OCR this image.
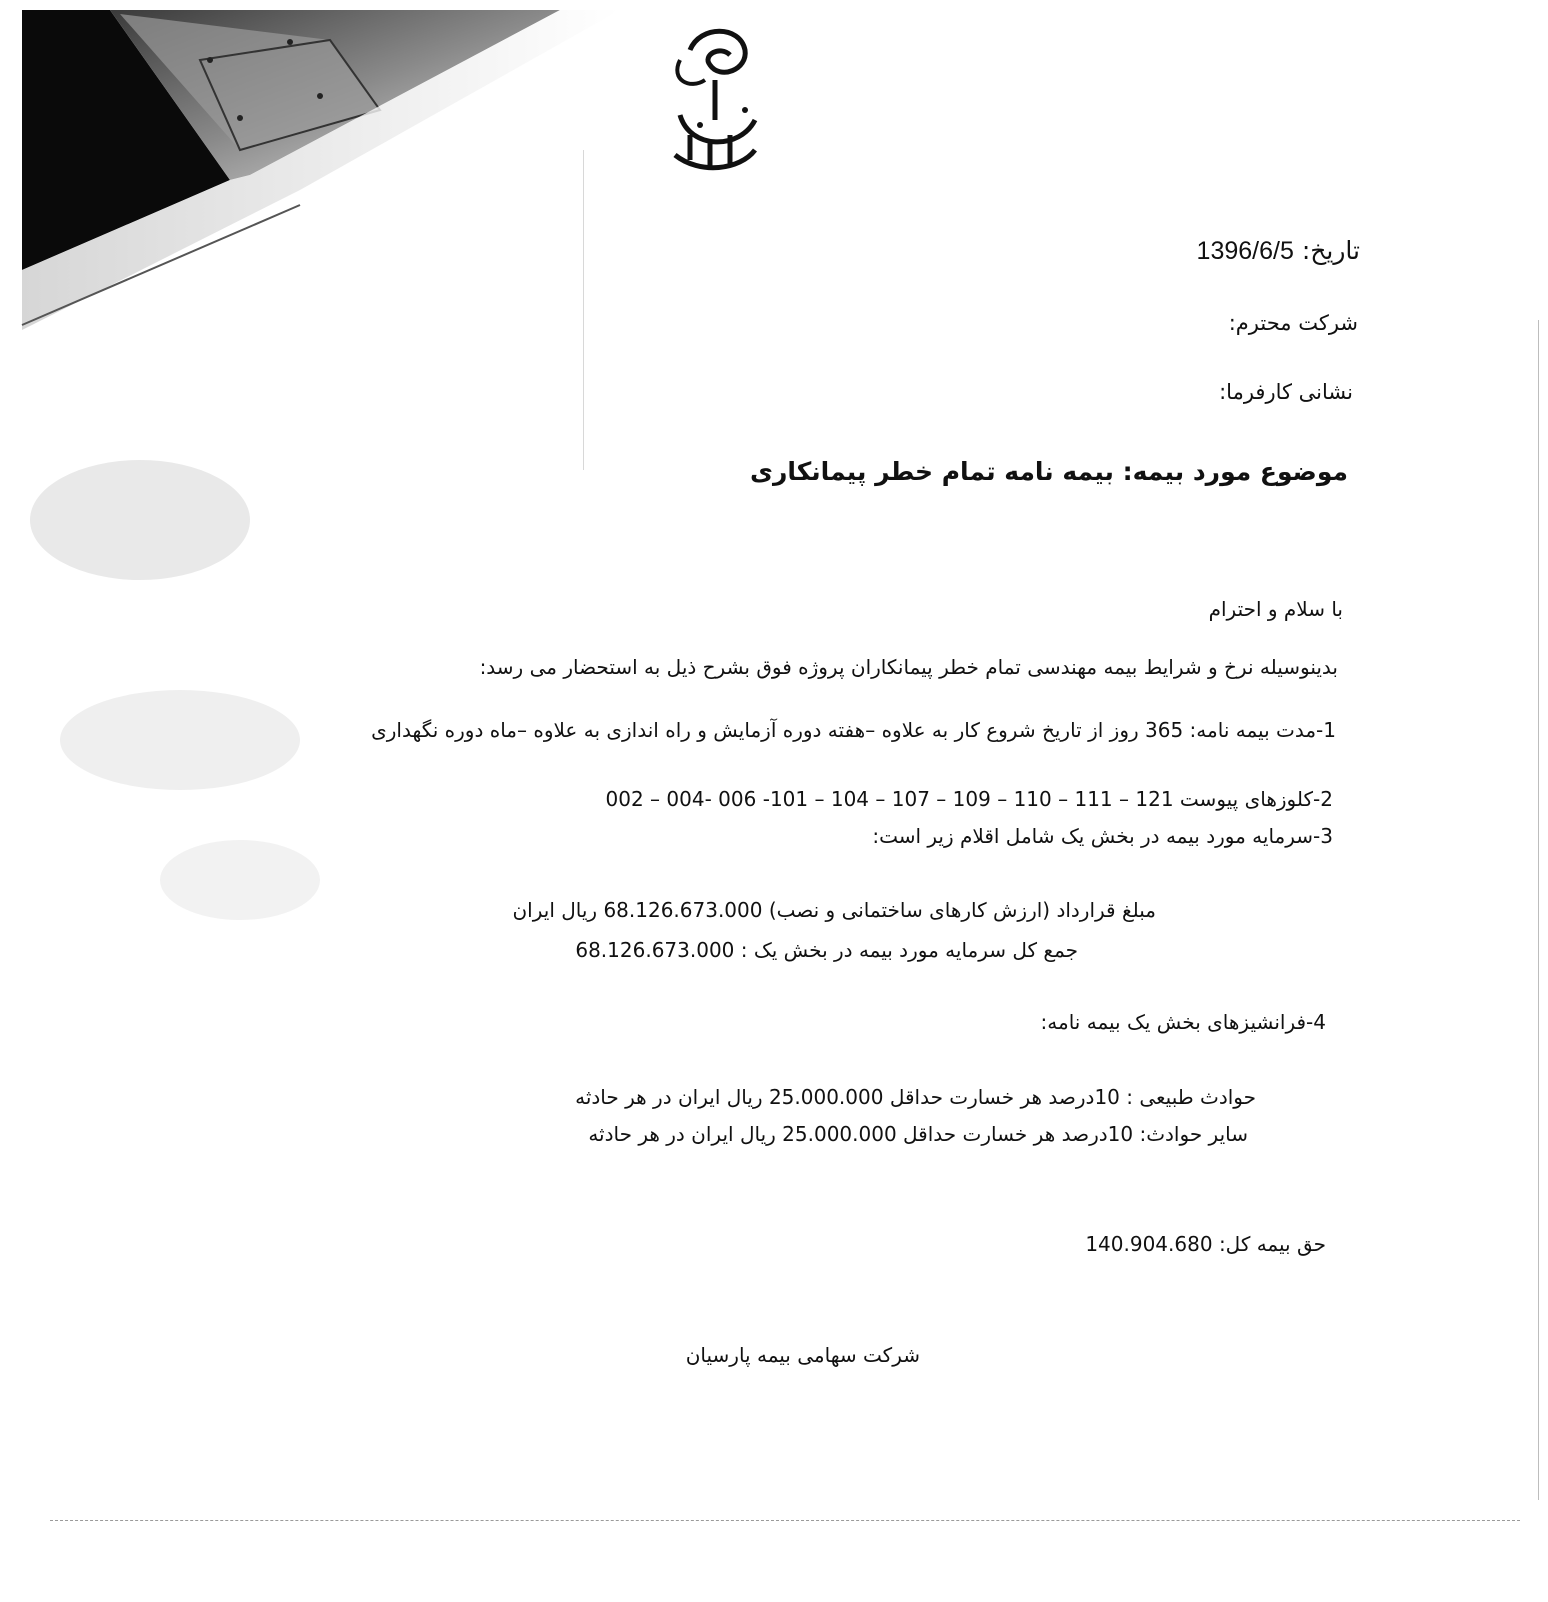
تاریخ: 1396/6/5
شرکت محترم:
نشانی کارفرما:
موضوع مورد بیمه: بیمه نامه تمام خطر پیمانکاری
با سلام و احترام
بدینوسیله نرخ و شرایط بیمه مهندسی تمام خطر پیمانکاران پروژه فوق بشرح ذیل به استحضار می رسد:
1-مدت بیمه نامه: 365 روز از تاریخ شروع کار به علاوه –هفته دوره آزمایش و راه اندازی به علاوه –ماه دوره نگهداری
2-کلوزهای پیوست 121 – 111 – 110 – 109 – 107 – 104 – 101- 006 -004 – 002
3-سرمایه مورد بیمه در بخش یک شامل اقلام زیر است:
مبلغ قرارداد (ارزش کارهای ساختمانی و نصب) 68.126.673.000 ریال ایران
جمع کل سرمایه مورد بیمه در بخش یک : 68.126.673.000
4-فرانشیزهای بخش یک بیمه نامه:
حوادث طبیعی : 10درصد هر خسارت حداقل 25.000.000 ریال ایران در هر حادثه
سایر حوادث: 10درصد هر خسارت حداقل 25.000.000 ریال ایران در هر حادثه
حق بیمه کل: 140.904.680
شرکت سهامی بیمه پارسیان
